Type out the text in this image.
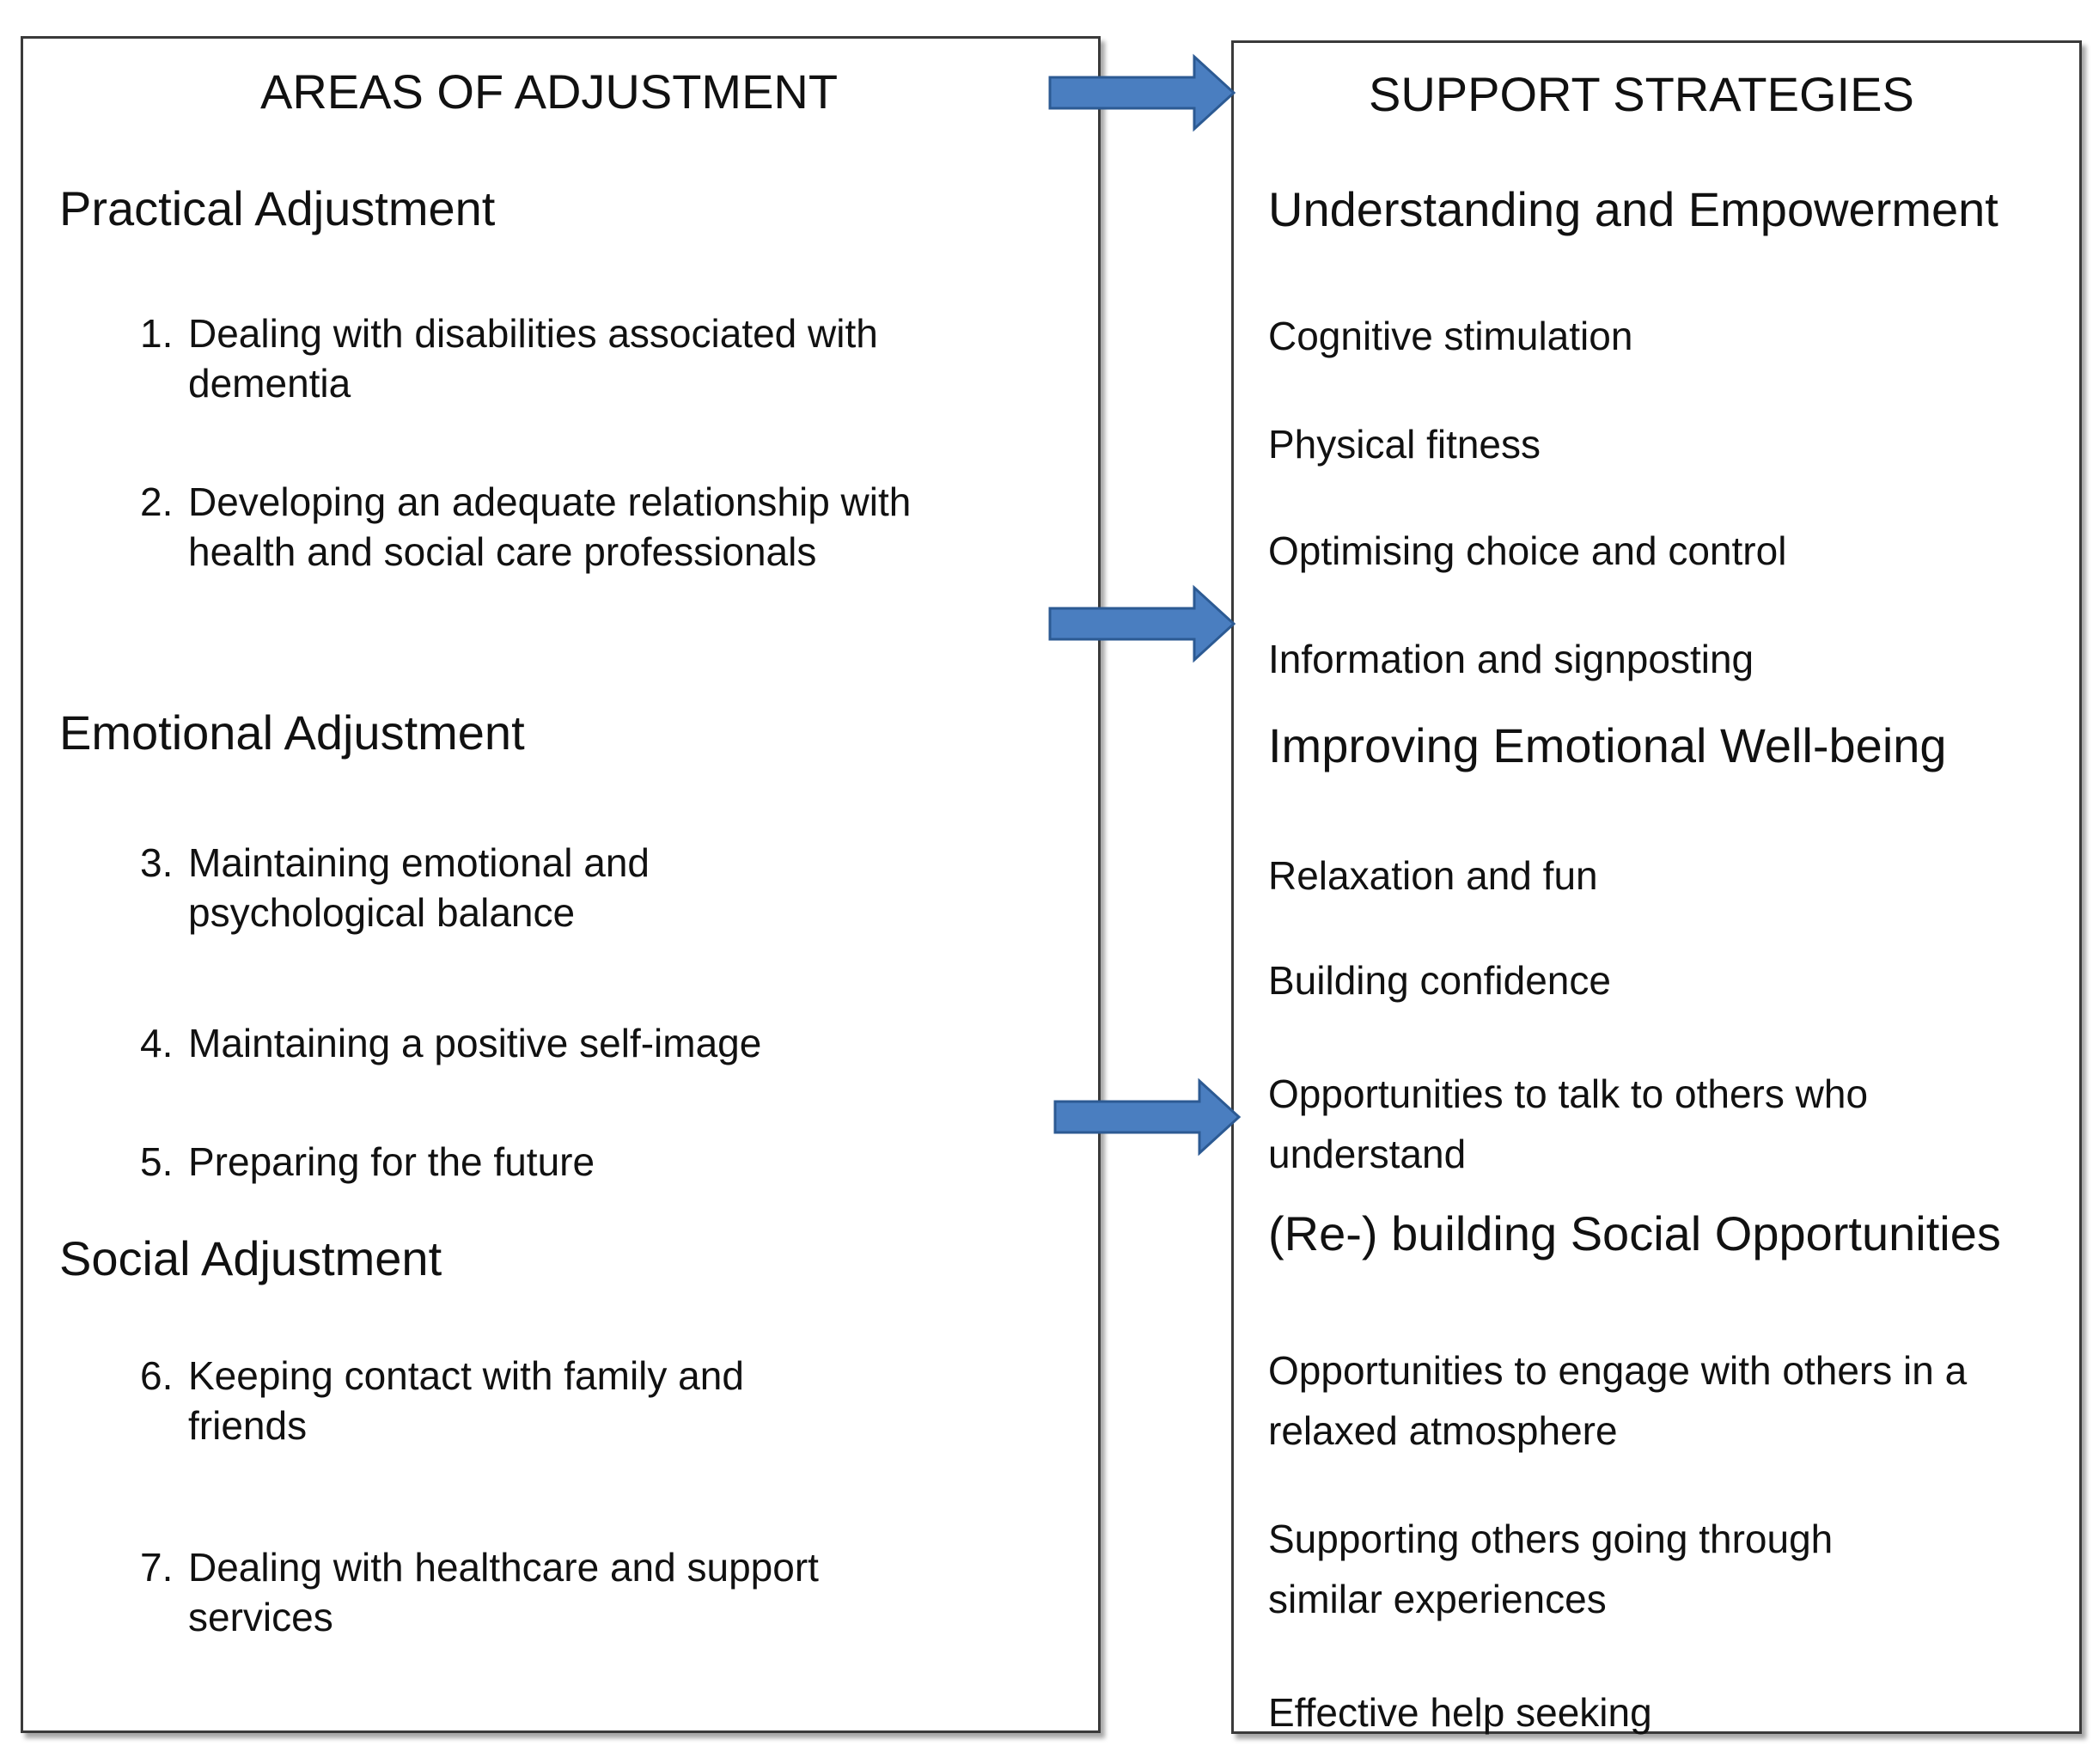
AREAS OF ADJUSTMENT
Practical Adjustment
1. Dealing with disabilities associated with dementia
2. Developing an adequate relationship with health and social care professionals
Emotional Adjustment
3. Maintaining emotional and psychological balance
4. Maintaining a positive self-image
5. Preparing for the future
Social Adjustment
6. Keeping contact with family and friends
7. Dealing with healthcare and support services
SUPPORT STRATEGIES
Understanding and Empowerment
Cognitive stimulation
Physical fitness
Optimising choice and control
Information and signposting
Improving Emotional Well-being
Relaxation and fun
Building confidence
Opportunities to talk to others who understand
(Re-) building Social Opportunities
Opportunities to engage with others in a relaxed atmosphere
Supporting others going through similar experiences
Effective help seeking
